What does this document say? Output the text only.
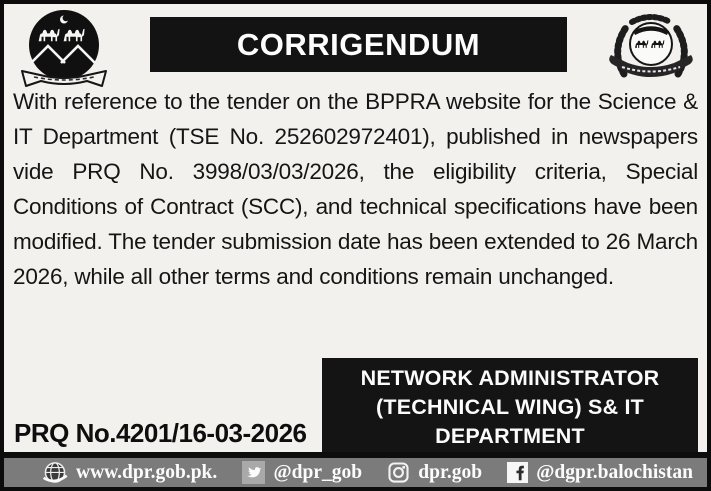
CORRIGENDUM
With reference to the tender on the BPPRA website for the Science & IT Department (TSE No. 252602972401), published in newspapers vide PRQ No. 3998/03/03/2026, the eligibility criteria, Special Conditions of Contract (SCC), and technical specifications have been modified. The tender submission date has been extended to 26 March 2026, while all other terms and conditions remain unchanged.
PRQ No.4201/16-03-2026
NETWORK ADMINISTRATOR
(TECHNICAL WING) S& IT
DEPARTMENT
www.dpr.gob.pk.	@dpr_gob	dpr.gob	@dgpr.balochistan
